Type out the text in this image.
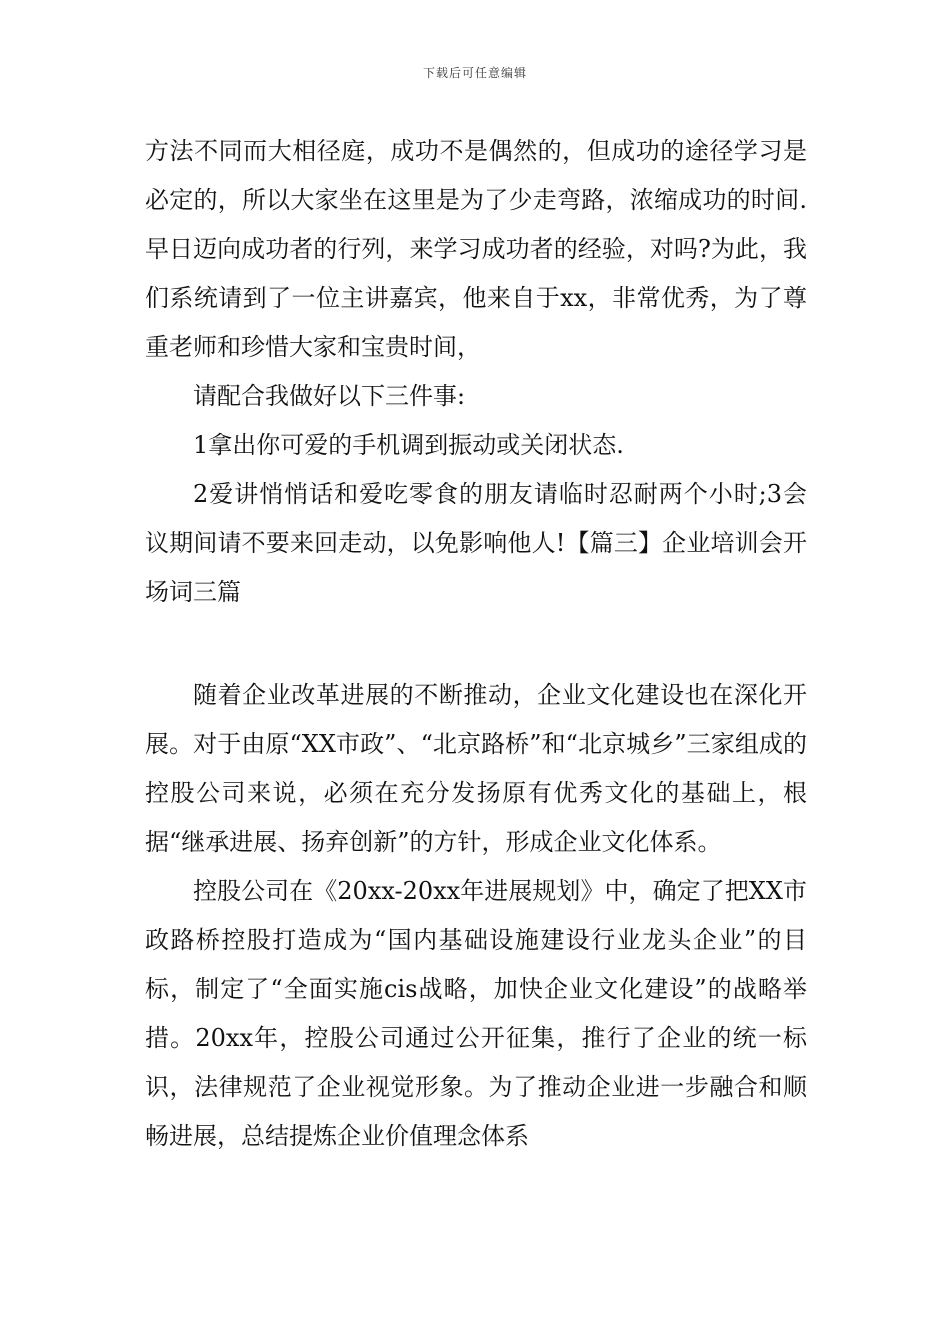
下载后可任意编辑

方法不同而大相径庭，成功不是偶然的，但成功的途径学习是必定的，所以大家坐在这里是为了少走弯路，浓缩成功的时间.早日迈向成功者的行列，来学习成功者的经验，对吗?为此，我们系统请到了一位主讲嘉宾，他来自于xx，非常优秀，为了尊重老师和珍惜大家和宝贵时间，

请配合我做好以下三件事:

1拿出你可爱的手机调到振动或关闭状态.

2爱讲悄悄话和爱吃零食的朋友请临时忍耐两个小时;3会议期间请不要来回走动，以免影响他人!【篇三】企业培训会开场词三篇

随着企业改革进展的不断推动，企业文化建设也在深化开展。对于由原“XX市政”、“北京路桥”和“北京城乡”三家组成的控股公司来说，必须在充分发扬原有优秀文化的基础上，根据“继承进展、扬弃创新”的方针，形成企业文化体系。

控股公司在《20xx-20xx年进展规划》中，确定了把XX市政路桥控股打造成为“国内基础设施建设行业龙头企业”的目标，制定了“全面实施cis战略，加快企业文化建设”的战略举措。20xx年，控股公司通过公开征集，推行了企业的统一标识，法律规范了企业视觉形象。为了推动企业进一步融合和顺畅进展，总结提炼企业价值理念体系
